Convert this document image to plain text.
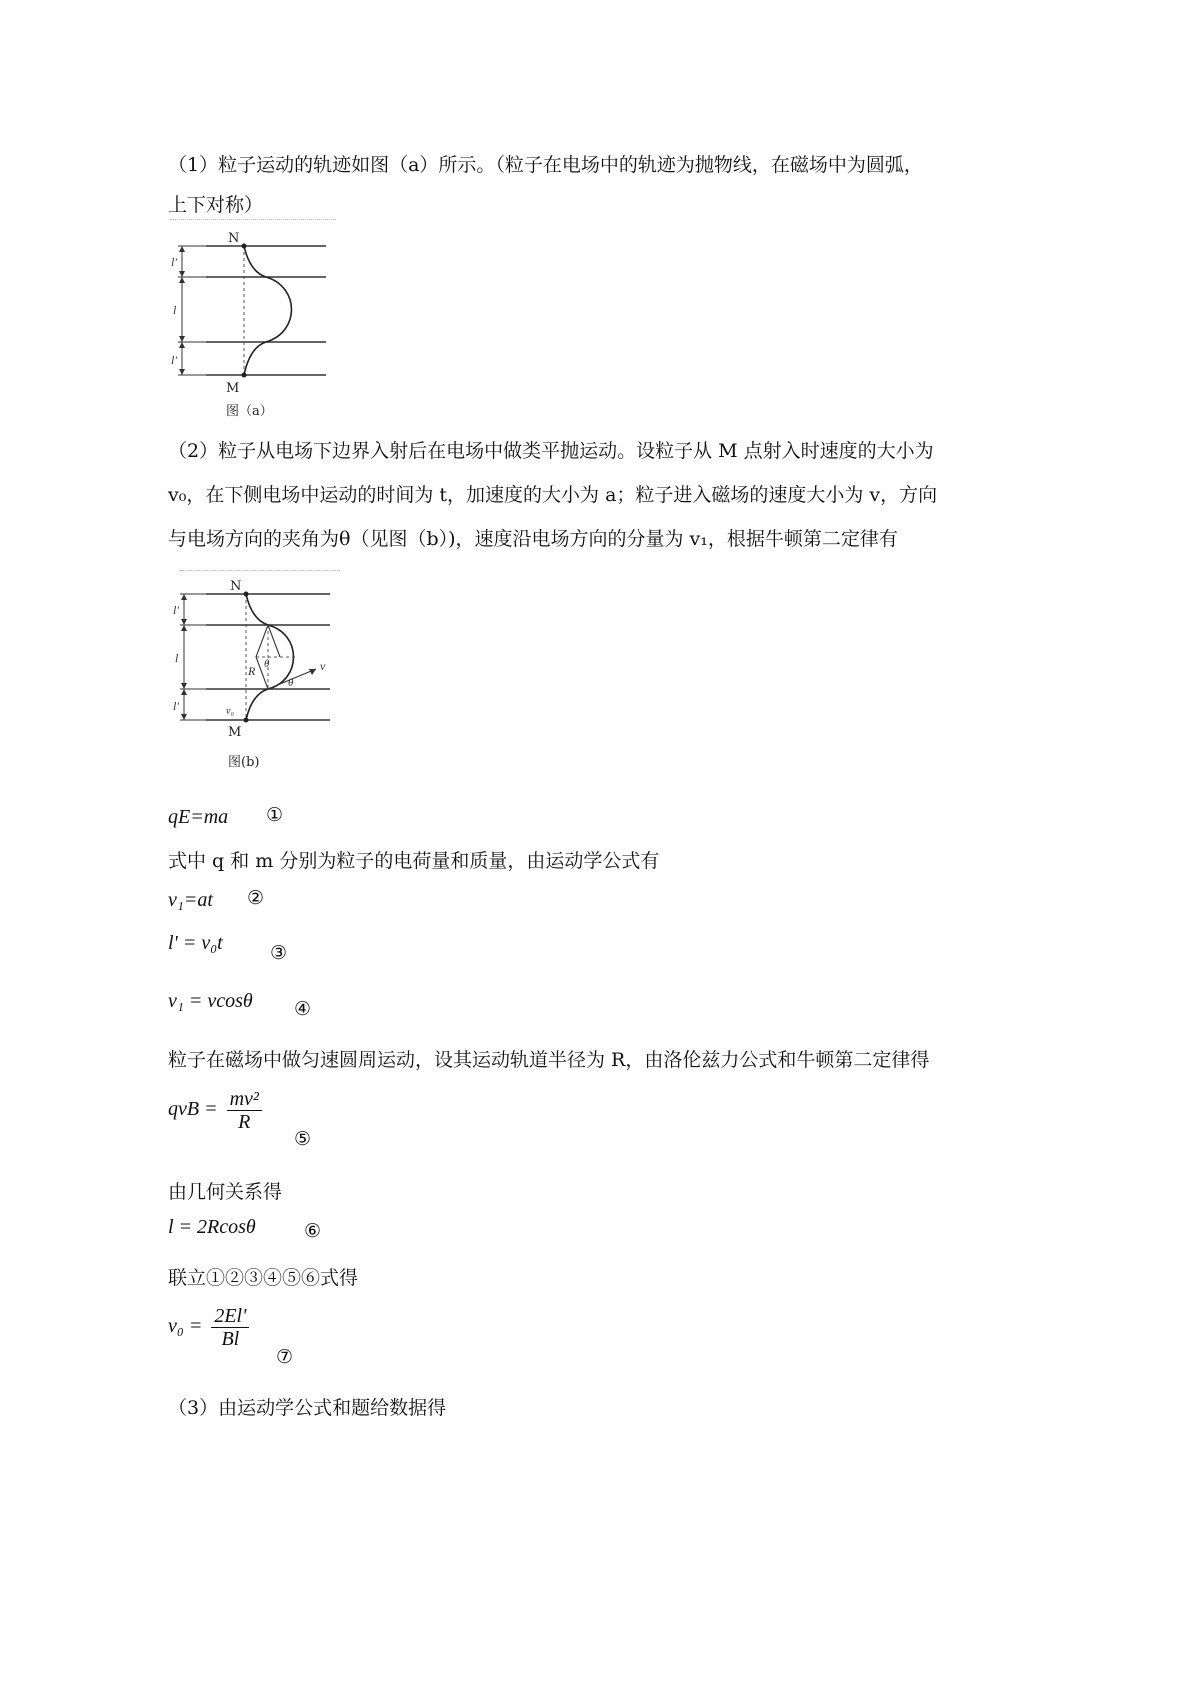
（1）粒子运动的轨迹如图（a）所示。（粒子在电场中的轨迹为抛物线，在磁场中为圆弧，
上下对称）
N
M
l'
l
l'
图（a）
（2）粒子从电场下边界入射后在电场中做类平抛运动。设粒子从 M 点射入时速度的大小为
v₀，在下侧电场中运动的时间为 t，加速度的大小为 a；粒子进入磁场的速度大小为 v，方向
与电场方向的夹角为θ（见图（b）)，速度沿电场方向的分量为 v₁，根据牛顿第二定律有
N
M
l'
l
l'
R θ
θ
v
v₀
图(b)
qE=ma ①
式中 q 和 m 分别为粒子的电荷量和质量，由运动学公式有
v₁=at ②
l' = v₀t ③
v₁ = vcosθ ④
粒子在磁场中做匀速圆周运动，设其运动轨道半径为 R，由洛伦兹力公式和牛顿第二定律得
qvB = $\frac{\text{mv²}}{R}$
⑤
由几何关系得
l = 2Rcosθ	⑥
联立①②③④⑤⑥式得
$v_0 = \frac{2El'}{Bl}$
⑦
（3）由运动学公式和题给数据得
